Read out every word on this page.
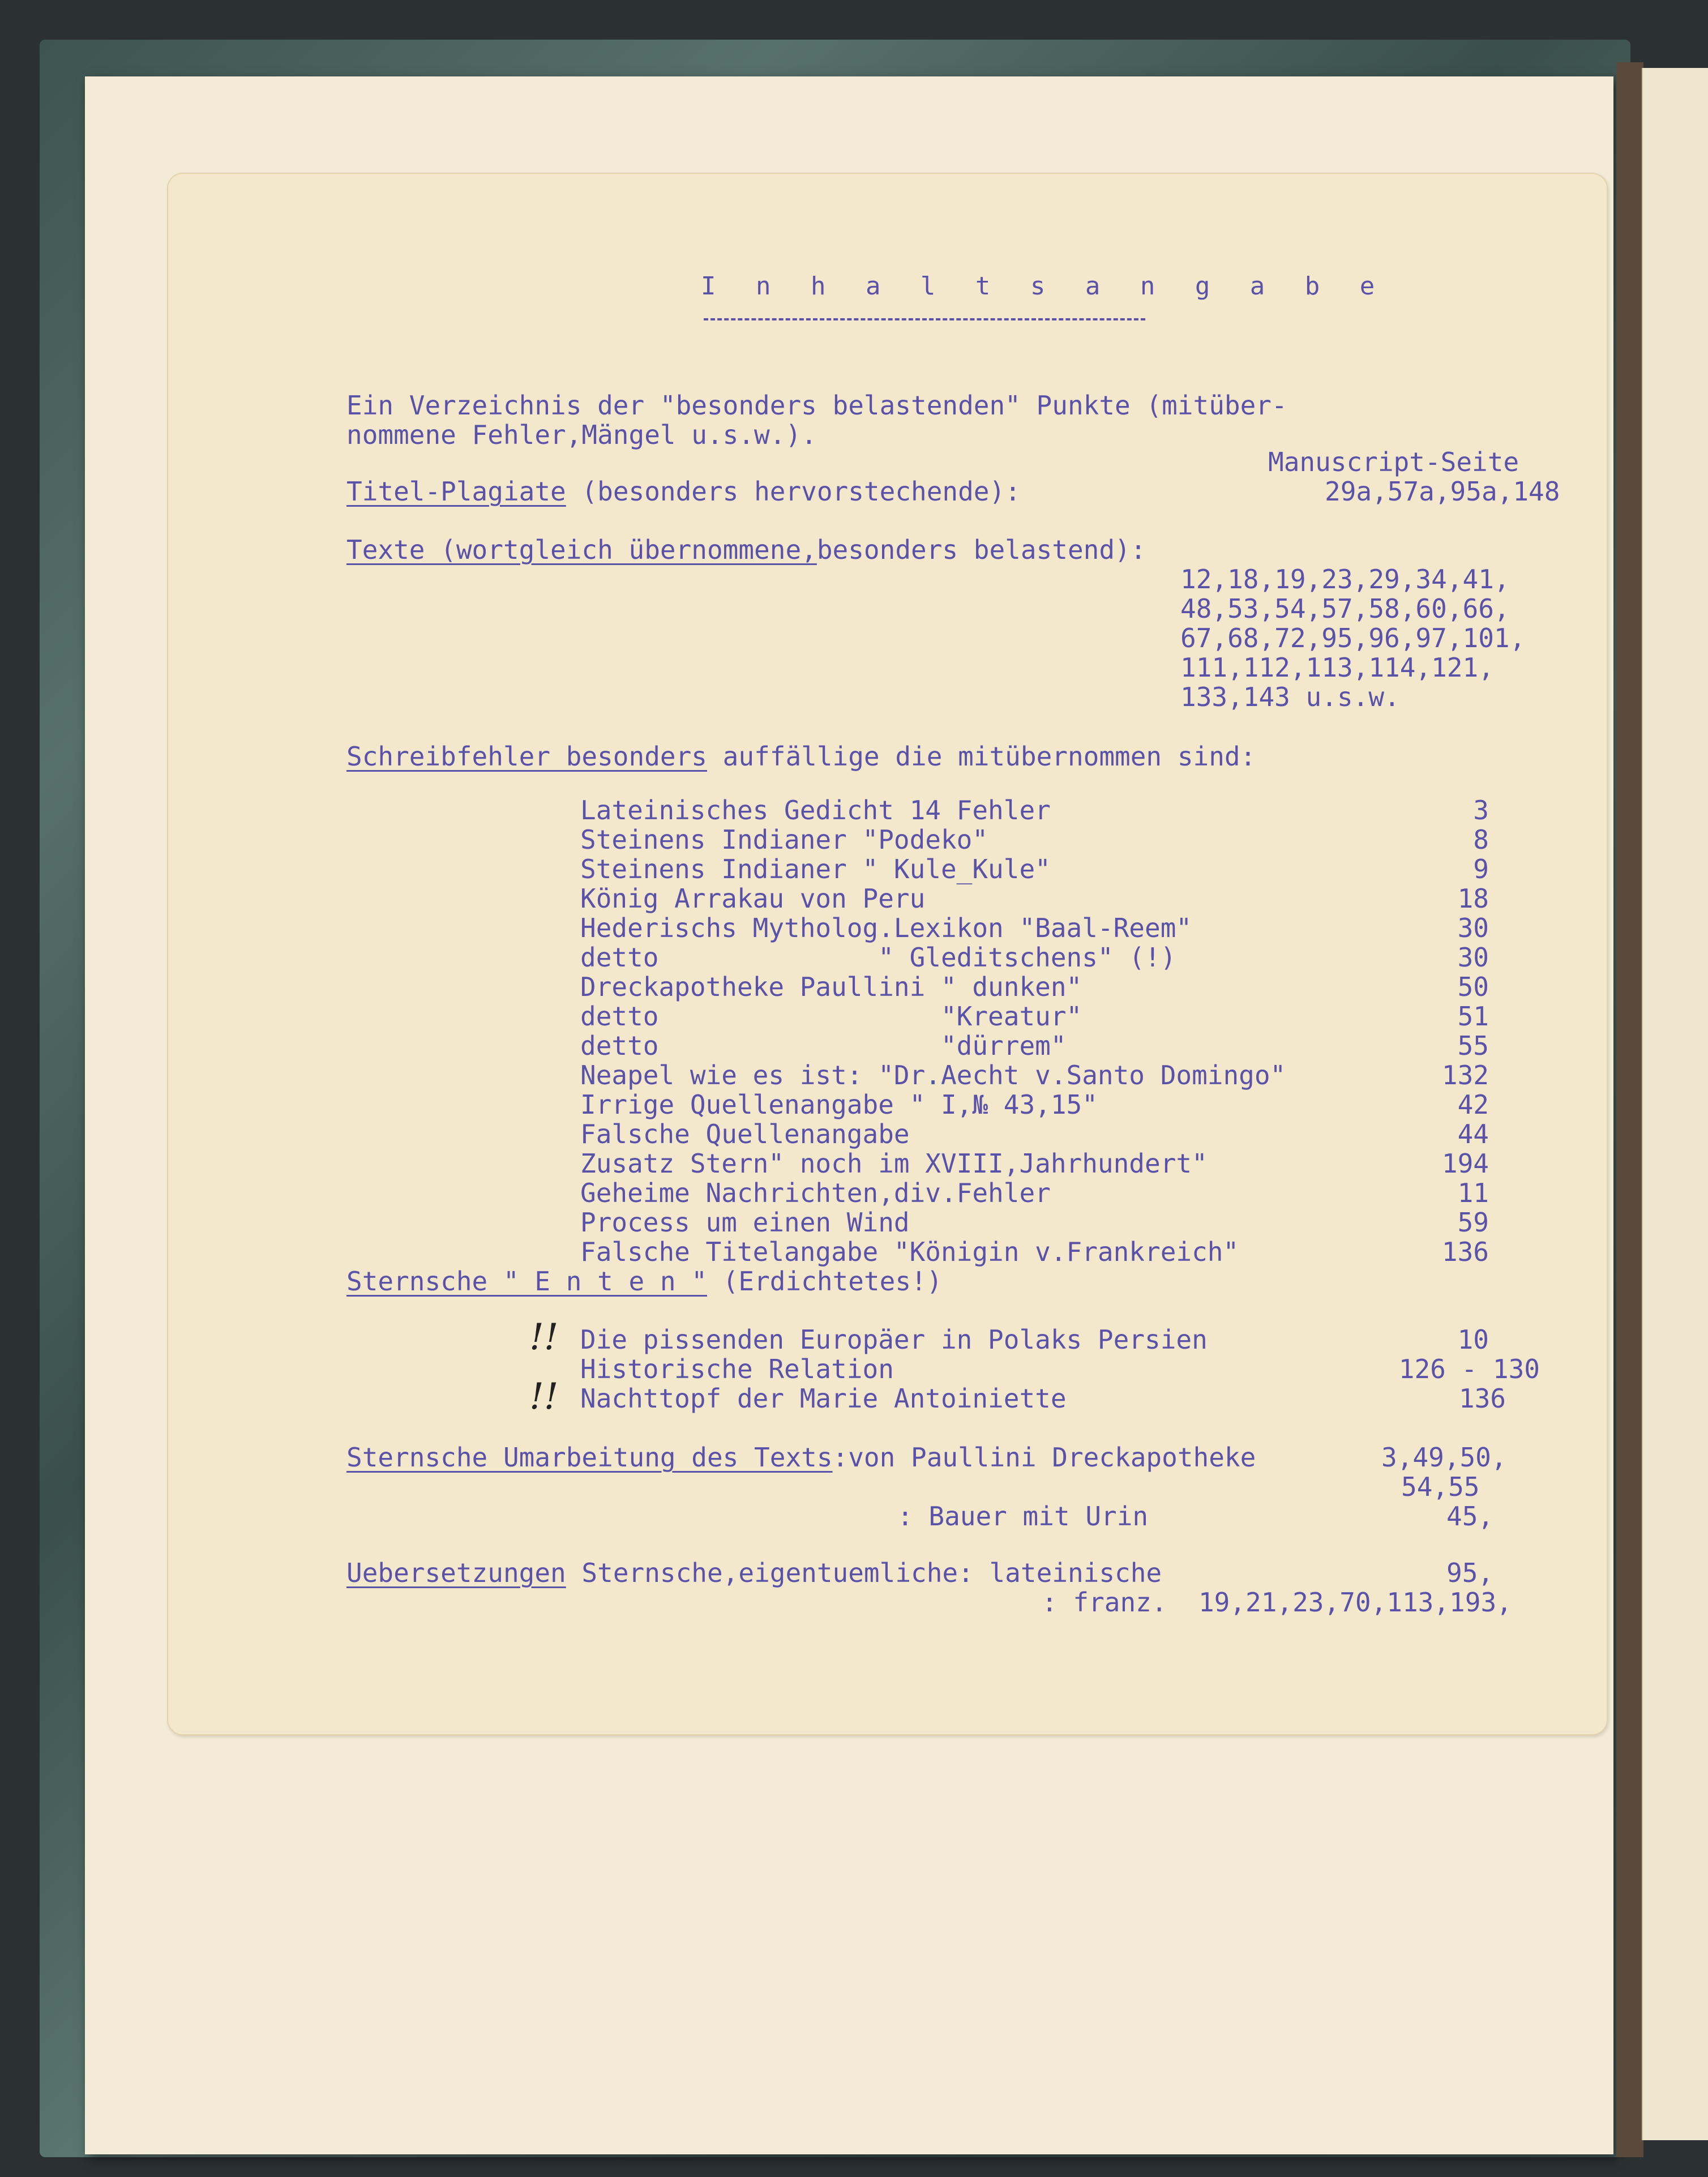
I n h a l t s a n g a b e

Ein Verzeichnis der "besonders belastenden" Punkte (mitüber-

nommene Fehler,Mängel u.s.w.).

Manuscript-Seite

Titel-Plagiate (besonders hervorstechende):	29a,57a,95a,148

Texte (wortgleich übernommene,besonders belastend):

12,18,19,23,29,34,41,

48,53,54,57,58,60,66,

67,68,72,95,96,97,101,

111,112,113,114,121,

133,143 u.s.w.

Schreibfehler besonders auffällige die mitübernommen sind:

Lateinisches Gedicht 14 Fehler	3

Steinens Indianer "Podeko"	8

Steinens Indianer " Kule_Kule"	9

König Arrakau von Peru	18

Hederischs Mytholog.Lexikon "Baal-Reem"	30

detto              " Gleditschens" (!)	30

Dreckapotheke Paullini " dunken"	50

detto                  "Kreatur"	51

detto                  "dürrem"	55

Neapel wie es ist: "Dr.Aecht v.Santo Domingo"	132

Irrige Quellenangabe " I,№ 43,15"	42

Falsche Quellenangabe	44

Zusatz Stern" noch im XVIII,Jahrhundert"	194

Geheime Nachrichten,div.Fehler	11

Process um einen Wind	59

Falsche Titelangabe "Königin v.Frankreich"	136

Sternsche " E n t e n " (Erdichtetes!)

!! Die pissenden Europäer in Polaks Persien	10

Historische Relation	126 - 130

!! Nachttopf der Marie Antoiniette	136

Sternsche Umarbeitung des Texts:von Paullini Dreckapotheke	3,49,50,

54,55

: Bauer mit Urin	45,

Uebersetzungen Sternsche,eigentuemliche: lateinische	95,

: franz.  19,21,23,70,113,193,
